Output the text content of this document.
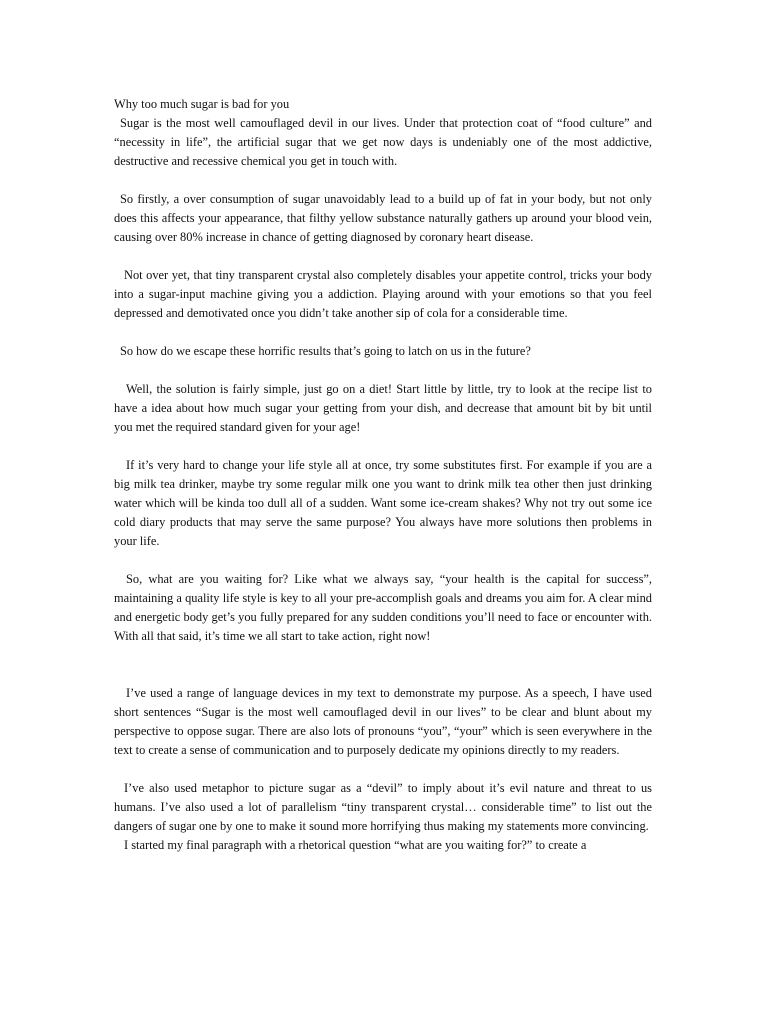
Why too much sugar is bad for you

Sugar is the most well camouflaged devil in our lives. Under that protection coat of “food culture” and “necessity in life”, the artificial sugar that we get now days is undeniably one of the most addictive, destructive and recessive chemical you get in touch with.

So firstly, a over consumption of sugar unavoidably lead to a build up of fat in your body, but not only does this affects your appearance, that filthy yellow substance naturally gathers up around your blood vein, causing over 80% increase in chance of getting diagnosed by coronary heart disease.

Not over yet, that tiny transparent crystal also completely disables your appetite control, tricks your body into a sugar-input machine giving you a addiction. Playing around with your emotions so that you feel depressed and demotivated once you didn’t take another sip of cola for a considerable time.

So how do we escape these horrific results that’s going to latch on us in the future?

Well, the solution is fairly simple, just go on a diet! Start little by little, try to look at the recipe list to have a idea about how much sugar your getting from your dish, and decrease that amount bit by bit until you met the required standard given for your age!

If it’s very hard to change your life style all at once, try some substitutes first. For example if you are a big milk tea drinker, maybe try some regular milk one you want to drink milk tea other then just drinking water which will be kinda too dull all of a sudden. Want some ice-cream shakes? Why not try out some ice cold diary products that may serve the same purpose? You always have more solutions then problems in your life.

So, what are you waiting for? Like what we always say, “your health is the capital for success”, maintaining a quality life style is key to all your pre-accomplish goals and dreams you aim for. A clear mind and energetic body get’s you fully prepared for any sudden conditions you’ll need to face or encounter with. With all that said, it’s time we all start to take action, right now!

I’ve used a range of language devices in my text to demonstrate my purpose. As a speech, I have used short sentences “Sugar is the most well camouflaged devil in our lives” to be clear and blunt about my perspective to oppose sugar. There are also lots of pronouns “you”, “your” which is seen everywhere in the text to create a sense of communication and to purposely dedicate my opinions directly to my readers.

I’ve also used metaphor to picture sugar as a “devil” to imply about it’s evil nature and threat to us humans. I’ve also used a lot of parallelism “tiny transparent crystal… considerable time” to list out the dangers of sugar one by one to make it sound more horrifying thus making my statements more convincing.

I started my final paragraph with a rhetorical question “what are you waiting for?” to create a
